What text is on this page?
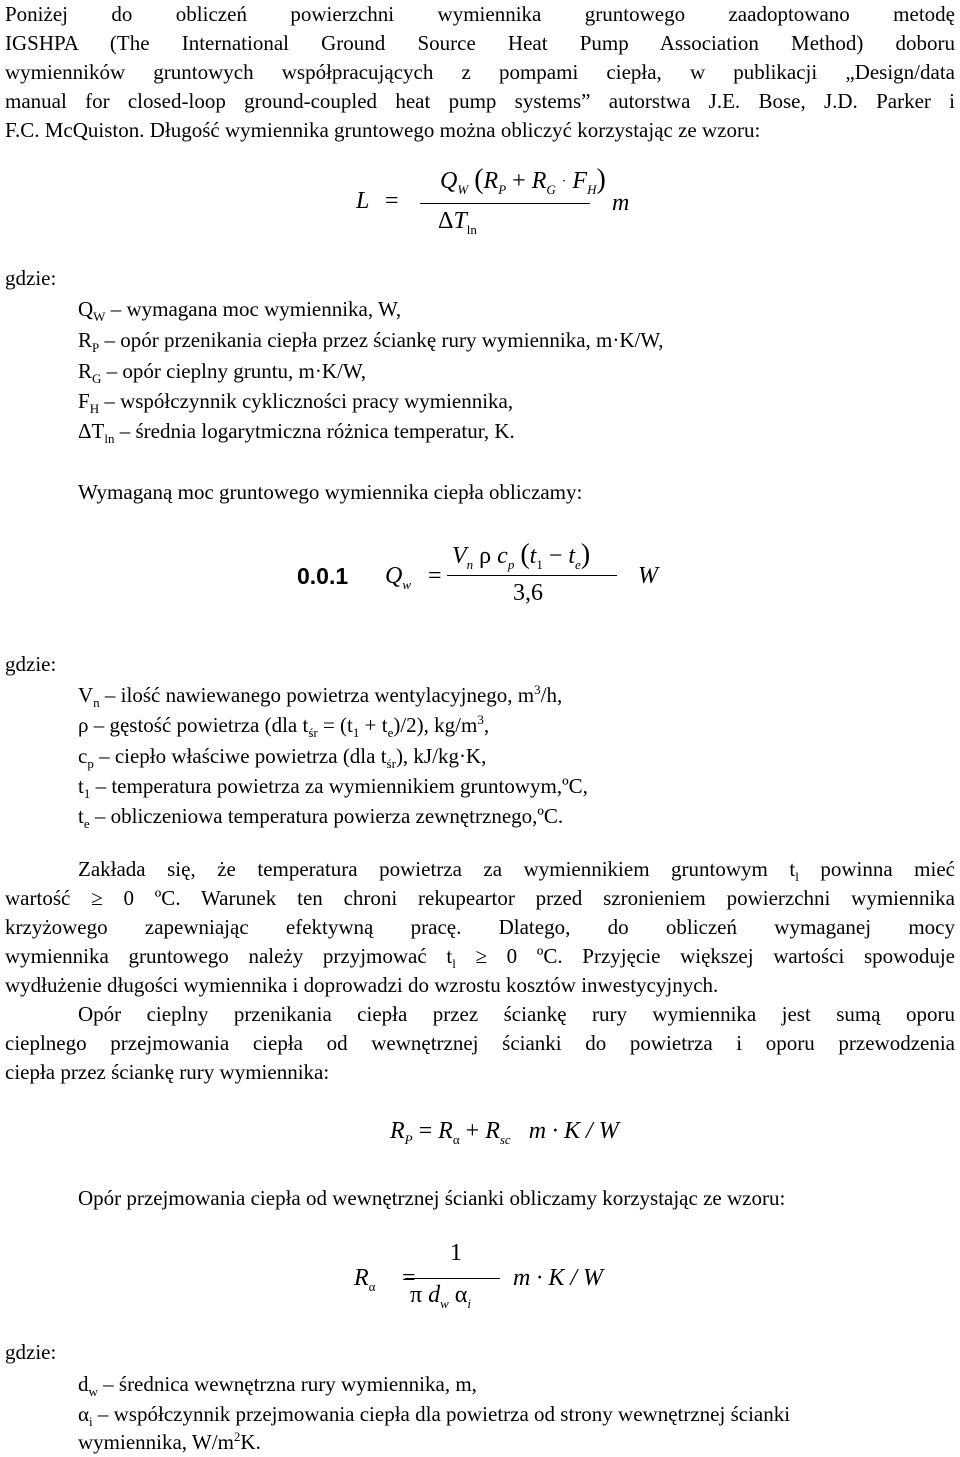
Poniżej do obliczeń powierzchni wymiennika gruntowego zaadoptowano metodę
IGSHPA (The International Ground Source Heat Pump Association Method) doboru
wymienników gruntowych współpracujących z pompami ciepła, w publikacji „Design/data
manual for closed-loop ground-coupled heat pump systems” autorstwa J.E. Bose, J.D. Parker i
F.C. McQuiston. Długość wymiennika gruntowego można obliczyć korzystając ze wzoru:
L =
$Q_W$ $(R_P + R_G \cdot F_H)$
$\Delta T_{ln}$
m
gdzie:
$Q_W$ – wymagana moc wymiennika, W,
$R_P$ – opór przenikania ciepła przez ściankę rury wymiennika, m·K/W,
$R_G$ – opór cieplny gruntu, m·K/W,
$F_H$ – współczynnik cykliczności pracy wymiennika,
$\Delta T_{ln}$ – średnia logarytmiczna różnica temperatur, K.
Wymaganą moc gruntowego wymiennika ciepła obliczamy:
0.0.1 $Q_w$ =
$V_n$ ρ $c_p$ $(t_1 - t_e)$
3,6
W
gdzie:
$V_n$ – ilość nawiewanego powietrza wentylacyjnego, $m^3/h$,
ρ – gęstość powietrza (dla $t_{śr} = (t_1 + t_e)/2$), $kg/m^3$,
$c_p$ – ciepło właściwe powietrza (dla $t_{śr}$), kJ/kg·K,
$t_1$ – temperatura powietrza za wymiennikiem gruntowym,ºC,
$t_e$ – obliczeniowa temperatura powierza zewnętrznego,ºC.
Zakłada się, że temperatura powietrza za wymiennikiem gruntowym $t_l$ powinna mieć
wartość ≥ 0 ºC. Warunek ten chroni rekupeartor przed szronieniem powierzchni wymiennika
krzyżowego zapewniając efektywną pracę. Dlatego, do obliczeń wymaganej mocy
wymiennika gruntowego należy przyjmować $t_l \ge 0$ ºC. Przyjęcie większej wartości spowoduje
wydłużenie długości wymiennika i doprowadzi do wzrostu kosztów inwestycyjnych.
Opór cieplny przenikania ciepła przez ściankę rury wymiennika jest sumą oporu
cieplnego przejmowania ciepła od wewnętrznej ścianki do powietrza i oporu przewodzenia
ciepła przez ściankę rury wymiennika:
$R_P = R_\alpha + R_{sc}$ m · K / W
Opór przejmowania ciepła od wewnętrznej ścianki obliczamy korzystając ze wzoru:
$R_\alpha$ =
1
π $d_w$ $\alpha_i$
m · K / W
gdzie:
$d_w$ – średnica wewnętrzna rury wymiennika, m,
$\alpha_i$ – współczynnik przejmowania ciepła dla powietrza od strony wewnętrznej ścianki
wymiennika, $W/m^2K$.
